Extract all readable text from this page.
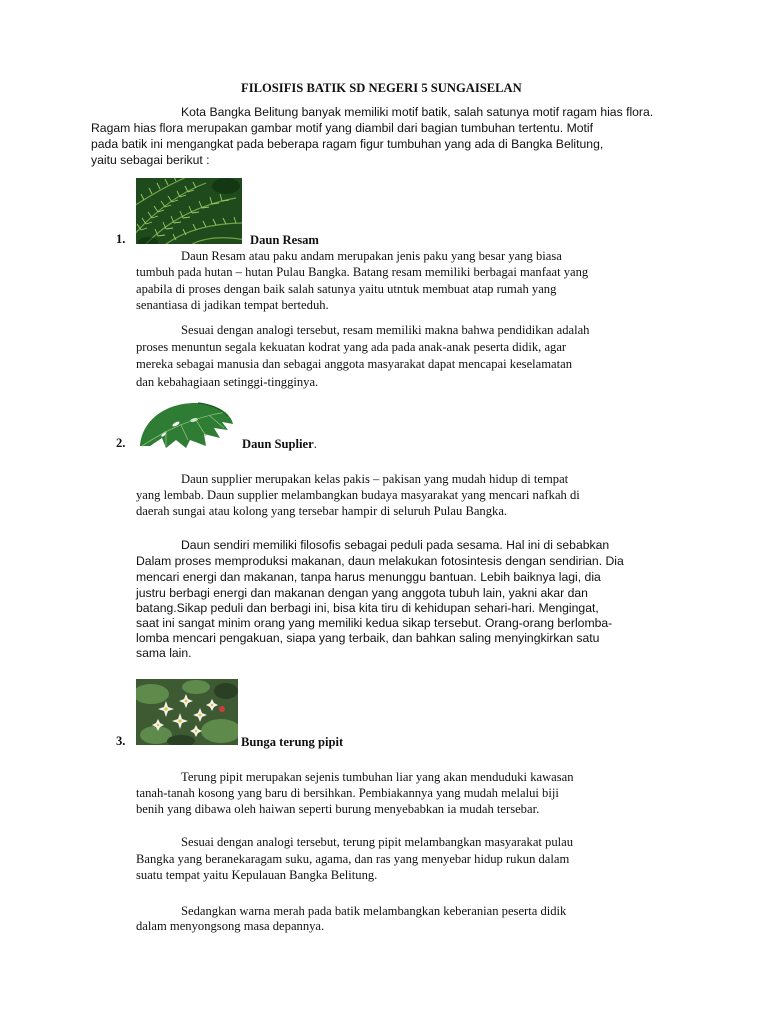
FILOSIFIS BATIK SD NEGERI 5 SUNGAISELAN
Kota Bangka Belitung banyak memiliki motif batik, salah satunya motif ragam hias flora.
Ragam hias flora merupakan gambar motif yang diambil dari bagian tumbuhan tertentu. Motif
pada batik ini mengangkat pada beberapa ragam figur tumbuhan yang ada di Bangka Belitung,
yaitu sebagai berikut :
1.	Daun Resam
Daun Resam atau paku andam merupakan jenis paku yang besar yang biasa
tumbuh pada hutan – hutan Pulau Bangka. Batang resam memiliki berbagai manfaat yang
apabila di proses dengan baik salah satunya yaitu utntuk membuat atap rumah yang
senantiasa di jadikan tempat berteduh.
Sesuai dengan analogi tersebut, resam memiliki makna bahwa pendidikan adalah
proses menuntun segala kekuatan kodrat yang ada pada anak-anak peserta didik, agar
mereka sebagai manusia dan sebagai anggota masyarakat dapat mencapai keselamatan
dan kebahagiaan setinggi-tingginya.
2.	Daun Suplier.
Daun supplier merupakan kelas pakis – pakisan yang mudah hidup di tempat
yang lembab. Daun supplier melambangkan budaya masyarakat yang mencari nafkah di
daerah sungai atau kolong yang tersebar hampir di seluruh Pulau Bangka.
Daun sendiri memiliki filosofis sebagai peduli pada sesama. Hal ini di sebabkan
Dalam proses memproduksi makanan, daun melakukan fotosintesis dengan sendirian. Dia
mencari energi dan makanan, tanpa harus menunggu bantuan. Lebih baiknya lagi, dia
justru berbagi energi dan makanan dengan yang anggota tubuh lain, yakni akar dan
batang.Sikap peduli dan berbagi ini, bisa kita tiru di kehidupan sehari-hari. Mengingat,
saat ini sangat minim orang yang memiliki kedua sikap tersebut. Orang-orang berlomba-
lomba mencari pengakuan, siapa yang terbaik, dan bahkan saling menyingkirkan satu
sama lain.
3.	Bunga terung pipit
Terung pipit merupakan sejenis tumbuhan liar yang akan menduduki kawasan
tanah-tanah kosong yang baru di bersihkan. Pembiakannya yang mudah melalui biji
benih yang dibawa oleh haiwan seperti burung menyebabkan ia mudah tersebar.
Sesuai dengan analogi tersebut, terung pipit melambangkan masyarakat pulau
Bangka yang beranekaragam suku, agama, dan ras yang menyebar hidup rukun dalam
suatu tempat yaitu Kepulauan Bangka Belitung.
Sedangkan warna merah pada batik melambangkan keberanian peserta didik
dalam menyongsong masa depannya.
